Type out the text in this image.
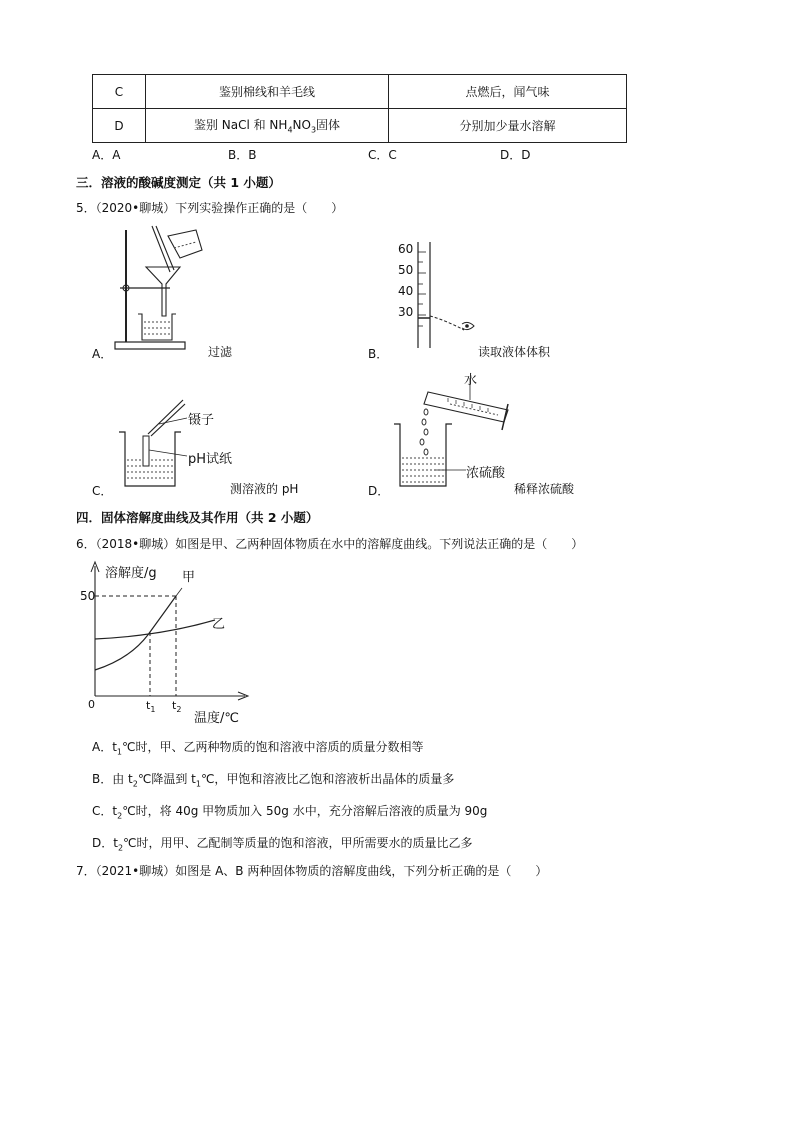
C	鉴别棉线和羊毛线	点燃后，闻气味
D	鉴别 NaCl 和 $NH_4NO_3$固体	分别加少量水溶解
A．A	B．B	C．C	D．D
三．溶液的酸碱度测定（共 1 小题）
5．（2020•聊城）下列实验操作正确的是（　　）
A．	过滤
60
50
40
30
B．	读取液体体积
镊子
pH试纸
C．	测溶液的 pH
水
浓硫酸
D．	稀释浓硫酸
四．固体溶解度曲线及其作用（共 2 小题）
6．（2018•聊城）如图是甲、乙两种固体物质在水中的溶解度曲线。下列说法正确的是（　　）
溶解度/g 甲
乙
50
0	$t_1$ $t_2$
温度/℃
A．$t_1℃$时，甲、乙两种物质的饱和溶液中溶质的质量分数相等
B．由 $t_2℃$降温到 $t_1℃$，甲饱和溶液比乙饱和溶液析出晶体的质量多
C．$t_2℃$时，将 40g 甲物质加入 50g 水中，充分溶解后溶液的质量为 90g
D．$t_2℃$时，用甲、乙配制等质量的饱和溶液，甲所需要水的质量比乙多
7．（2021•聊城）如图是 A、B 两种固体物质的溶解度曲线，下列分析正确的是（　　）
